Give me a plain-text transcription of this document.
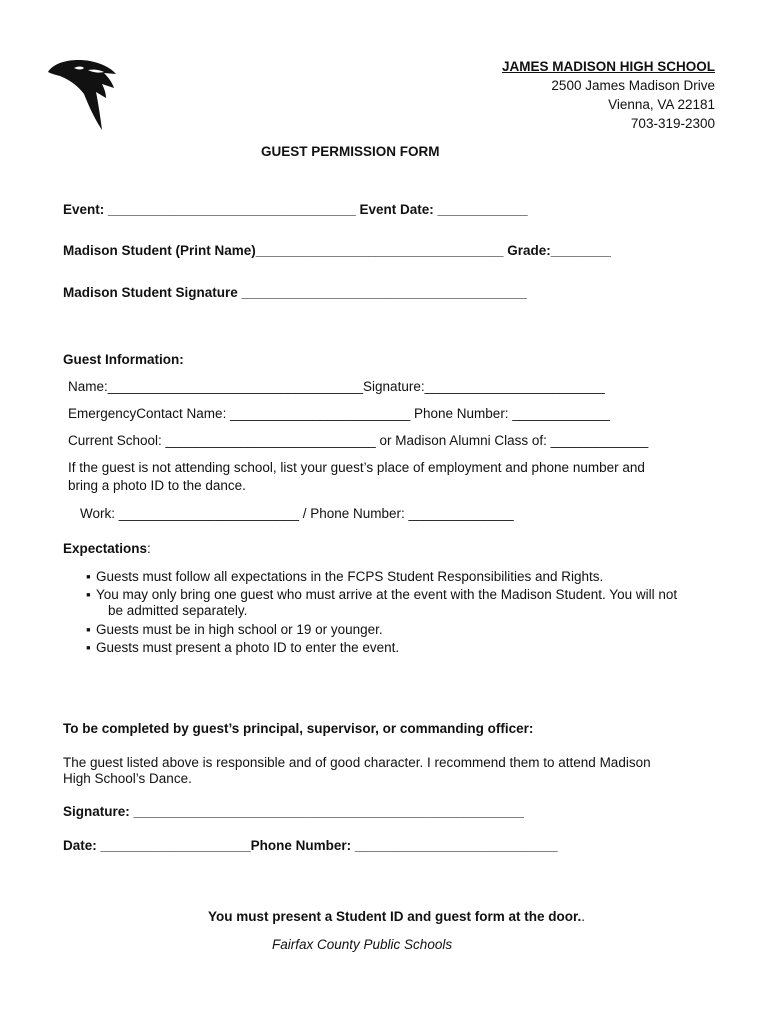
JAMES MADISON HIGH SCHOOL
2500 James Madison Drive
Vienna, VA 22181
703-319-2300
GUEST PERMISSION FORM
Event: _________________________________ Event Date: ____________
Madison Student (Print Name)_________________________________ Grade:________
Madison Student Signature ______________________________________
Guest Information:
Name:__________________________________Signature:________________________
EmergencyContact Name: ________________________ Phone Number: _____________
Current School: ____________________________ or Madison Alumni Class of: _____________
If the guest is not attending school, list your guest’s place of employment and phone number and
bring a photo ID to the dance.
Work: ________________________ / Phone Number: ______________
Expectations:
▪ Guests must follow all expectations in the FCPS Student Responsibilities and Rights.
▪ You may only bring one guest who must arrive at the event with the Madison Student. You will not
be admitted separately.
▪ Guests must be in high school or 19 or younger.
▪ Guests must present a photo ID to enter the event.
To be completed by guest’s principal, supervisor, or commanding officer:
The guest listed above is responsible and of good character. I recommend them to attend Madison
High School’s Dance.
Signature: ____________________________________________________
Date: ____________________Phone Number: ___________________________
You must present a Student ID and guest form at the door..
Fairfax County Public Schools
